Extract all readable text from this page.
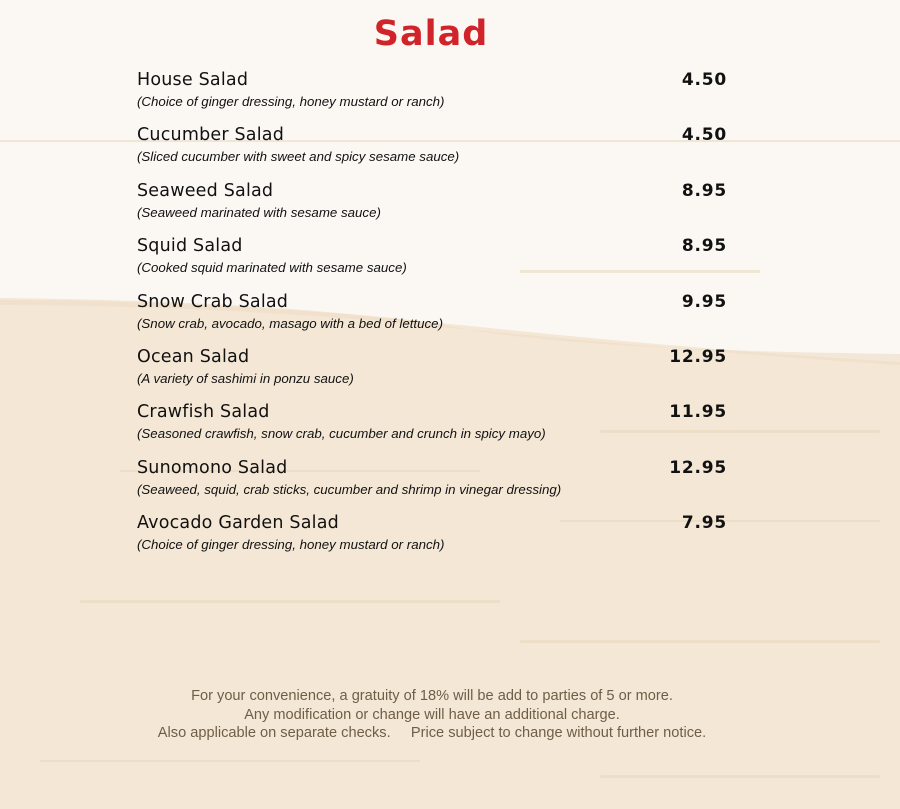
Salad
House Salad	4.50
(Choice of ginger dressing, honey mustard or ranch)
Cucumber Salad	4.50
(Sliced cucumber with sweet and spicy sesame sauce)
Seaweed Salad	8.95
(Seaweed marinated with sesame sauce)
Squid Salad	8.95
(Cooked squid marinated with sesame sauce)
Snow Crab Salad	9.95
(Snow crab, avocado, masago with a bed of lettuce)
Ocean Salad	12.95
(A variety of sashimi in ponzu sauce)
Crawfish Salad	11.95
(Seasoned crawfish, snow crab, cucumber and crunch in spicy mayo)
Sunomono Salad	12.95
(Seaweed, squid, crab sticks, cucumber and shrimp in vinegar dressing)
Avocado Garden Salad	7.95
(Choice of ginger dressing, honey mustard or ranch)
For your convenience, a gratuity of 18% will be add to parties of 5 or more.
Any modification or change will have an additional charge.
Also applicable on separate checks.     Price subject to change without further notice.
